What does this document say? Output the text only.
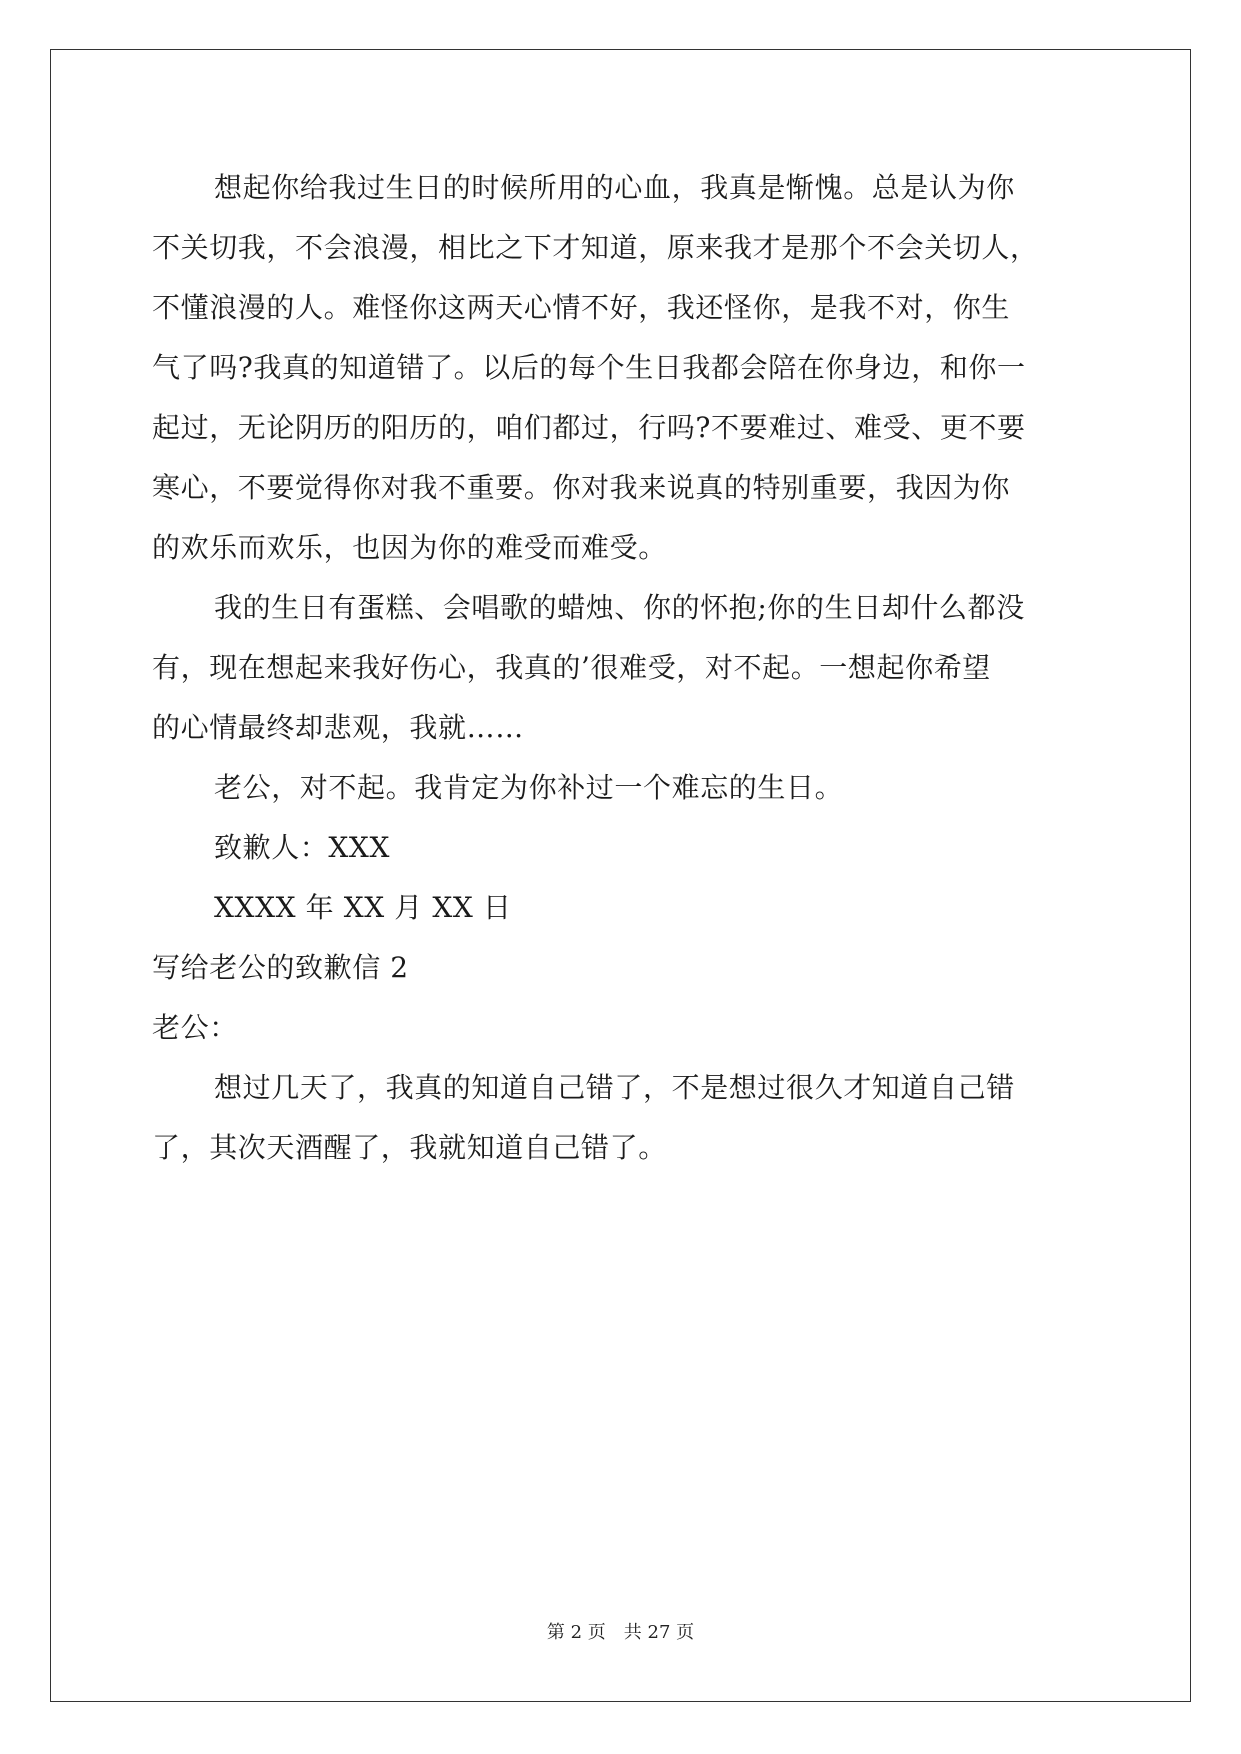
想起你给我过生日的时候所用的心血，我真是惭愧。总是认为你
不关切我，不会浪漫，相比之下才知道，原来我才是那个不会关切人，
不懂浪漫的人。难怪你这两天心情不好，我还怪你，是我不对，你生
气了吗?我真的知道错了。以后的每个生日我都会陪在你身边，和你一
起过，无论阴历的阳历的，咱们都过，行吗?不要难过、难受、更不要
寒心，不要觉得你对我不重要。你对我来说真的特别重要，我因为你
的欢乐而欢乐，也因为你的难受而难受。
我的生日有蛋糕、会唱歌的蜡烛、你的怀抱;你的生日却什么都没
有，现在想起来我好伤心，我真的’很难受，对不起。一想起你希望
的心情最终却悲观，我就……
老公，对不起。我肯定为你补过一个难忘的生日。
致歉人：XXX
XXXX 年 XX 月 XX 日
写给老公的致歉信 2
老公：
想过几天了，我真的知道自己错了，不是想过很久才知道自己错
了，其次天酒醒了，我就知道自己错了。
第 2 页 共 27 页
